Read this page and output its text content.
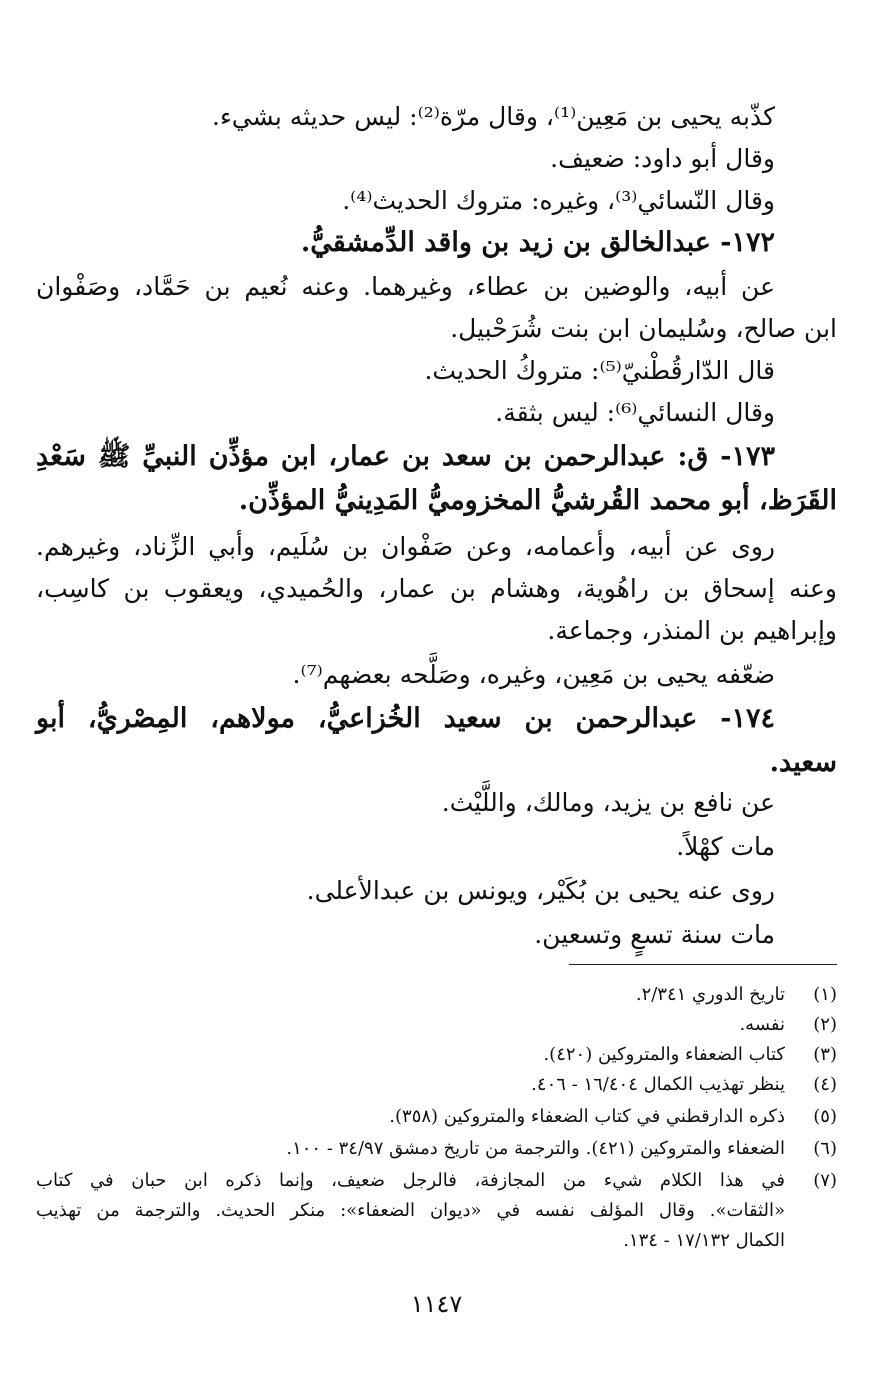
كذّبه يحيى بن مَعِين⁽¹⁾، وقال مرّة⁽²⁾: ليس حديثه بشيء.
وقال أبو داود: ضعيف.
وقال النّسائي⁽³⁾، وغيره: متروك الحديث⁽⁴⁾.
١٧٢- عبدالخالق بن زيد بن واقد الدِّمشقيُّ.
عن أبيه، والوضين بن عطاء، وغيرهما. وعنه نُعيم بن حَمَّاد، وصَفْوان
ابن صالح، وسُليمان ابن بنت شُرَحْبيل.
قال الدّارقُطْنيّ⁽⁵⁾: متروكُ الحديث.
وقال النسائي⁽⁶⁾: ليس بثقة.
١٧٣- ق: عبدالرحمن بن سعد بن عمار، ابن مؤذِّن النبيِّ ﷺ سَعْدِ
القَرَظ، أبو محمد القُرشيُّ المخزوميُّ المَدِينيُّ المؤذِّن.
روى عن أبيه، وأعمامه، وعن صَفْوان بن سُلَيم، وأبي الزِّناد، وغيرهم.
وعنه إسحاق بن راهُوية، وهشام بن عمار، والحُميدي، ويعقوب بن كاسِب،
وإبراهيم بن المنذر، وجماعة.
ضعّفه يحيى بن مَعِين، وغيره، وصَلَّحه بعضهم⁽⁷⁾.
١٧٤- عبدالرحمن بن سعيد الخُزاعيُّ، مولاهم، المِصْريُّ، أبو
سعيد.
عن نافع بن يزيد، ومالك، واللَّيْث.
مات كهْلاً.
روى عنه يحيى بن بُكَيْر، ويونس بن عبدالأعلى.
مات سنة تسعٍ وتسعين.
(١)
تاريخ الدوري ٢/٣٤١.
(٢)
نفسه.
(٣)
كتاب الضعفاء والمتروكين (٤٢٠).
(٤)
ينظر تهذيب الكمال ١٦/٤٠٤ - ٤٠٦.
(٥)
ذكره الدارقطني في كتاب الضعفاء والمتروكين (٣٥٨).
(٦)
الضعفاء والمتروكين (٤٢١). والترجمة من تاريخ دمشق ٣٤/٩٧ - ١٠٠.
(٧)
في هذا الكلام شيء من المجازفة، فالرجل ضعيف، وإنما ذكره ابن حبان في كتاب
«الثقات». وقال المؤلف نفسه في «ديوان الضعفاء»: منكر الحديث. والترجمة من تهذيب
الكمال ١٧/١٣٢ - ١٣٤.
١١٤٧
